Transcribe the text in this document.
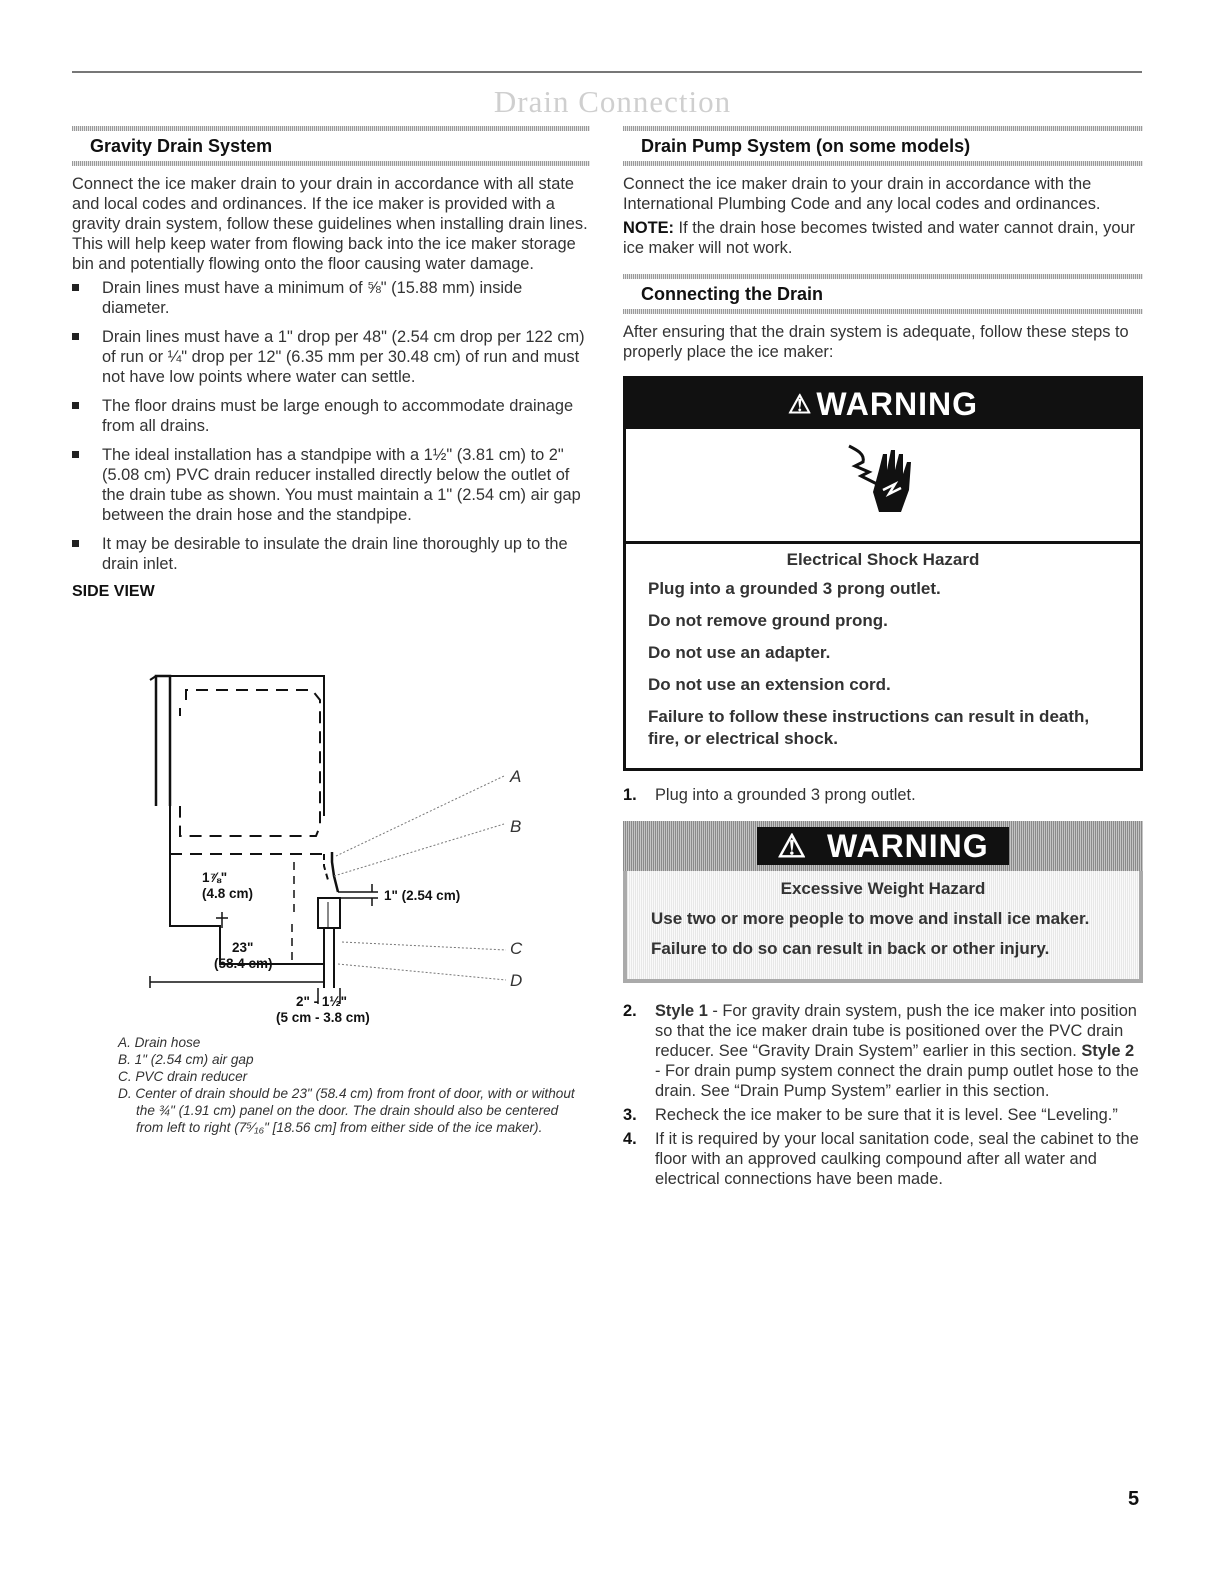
Drain Connection
Gravity Drain System

Connect the ice maker drain to your drain in accordance with all state and local codes and ordinances. If the ice maker is provided with a gravity drain system, follow these guidelines when installing drain lines. This will help keep water from flowing back into the ice maker storage bin and potentially flowing onto the floor causing water damage.

Drain lines must have a minimum of ⅝" (15.88 mm) inside diameter.
Drain lines must have a 1" drop per 48" (2.54 cm drop per 122 cm) of run or ¼" drop per 12" (6.35 mm per 30.48 cm) of run and must not have low points where water can settle.
The floor drains must be large enough to accommodate drainage from all drains.
The ideal installation has a standpipe with a 1½" (3.81 cm) to 2" (5.08 cm) PVC drain reducer installed directly below the outlet of the drain tube as shown. You must maintain a 1" (2.54 cm) air gap between the drain hose and the standpipe.
It may be desirable to insulate the drain line thoroughly up to the drain inlet.
SIDE VIEW
1⅞"
(4.8 cm)
23"
(58.4 cm)
1" (2.54 cm)
2" - 1½"
(5 cm - 3.8 cm)
A
B
C
D
A. Drain hose
B. 1" (2.54 cm) air gap
C. PVC drain reducer
D. Center of drain should be 23" (58.4 cm) from front of door, with or without the ¾" (1.91 cm) panel on the door. The drain should also be centered from left to right (7⁵⁄₁₆" [18.56 cm] from either side of the ice maker).
Drain Pump System (on some models)

Connect the ice maker drain to your drain in accordance with the International Plumbing Code and any local codes and ordinances.

NOTE: If the drain hose becomes twisted and water cannot drain, your ice maker will not work.

Connecting the Drain

After ensuring that the drain system is adequate, follow these steps to properly place the ice maker:

⚠ WARNING
Electrical Shock Hazard
Plug into a grounded 3 prong outlet.
Do not remove ground prong.
Do not use an adapter.
Do not use an extension cord.
Failure to follow these instructions can result in death, fire, or electrical shock.
1. Plug into a grounded 3 prong outlet.
⚠ WARNING
Excessive Weight Hazard
Use two or more people to move and install ice maker.
Failure to do so can result in back or other injury.
2. Style 1 - For gravity drain system, push the ice maker into position so that the ice maker drain tube is positioned over the PVC drain reducer. See “Gravity Drain System” earlier in this section. Style 2 - For drain pump system connect the drain pump outlet hose to the drain. See “Drain Pump System” earlier in this section.
3. Recheck the ice maker to be sure that it is level. See “Leveling.”
4. If it is required by your local sanitation code, seal the cabinet to the floor with an approved caulking compound after all water and electrical connections have been made.
5
